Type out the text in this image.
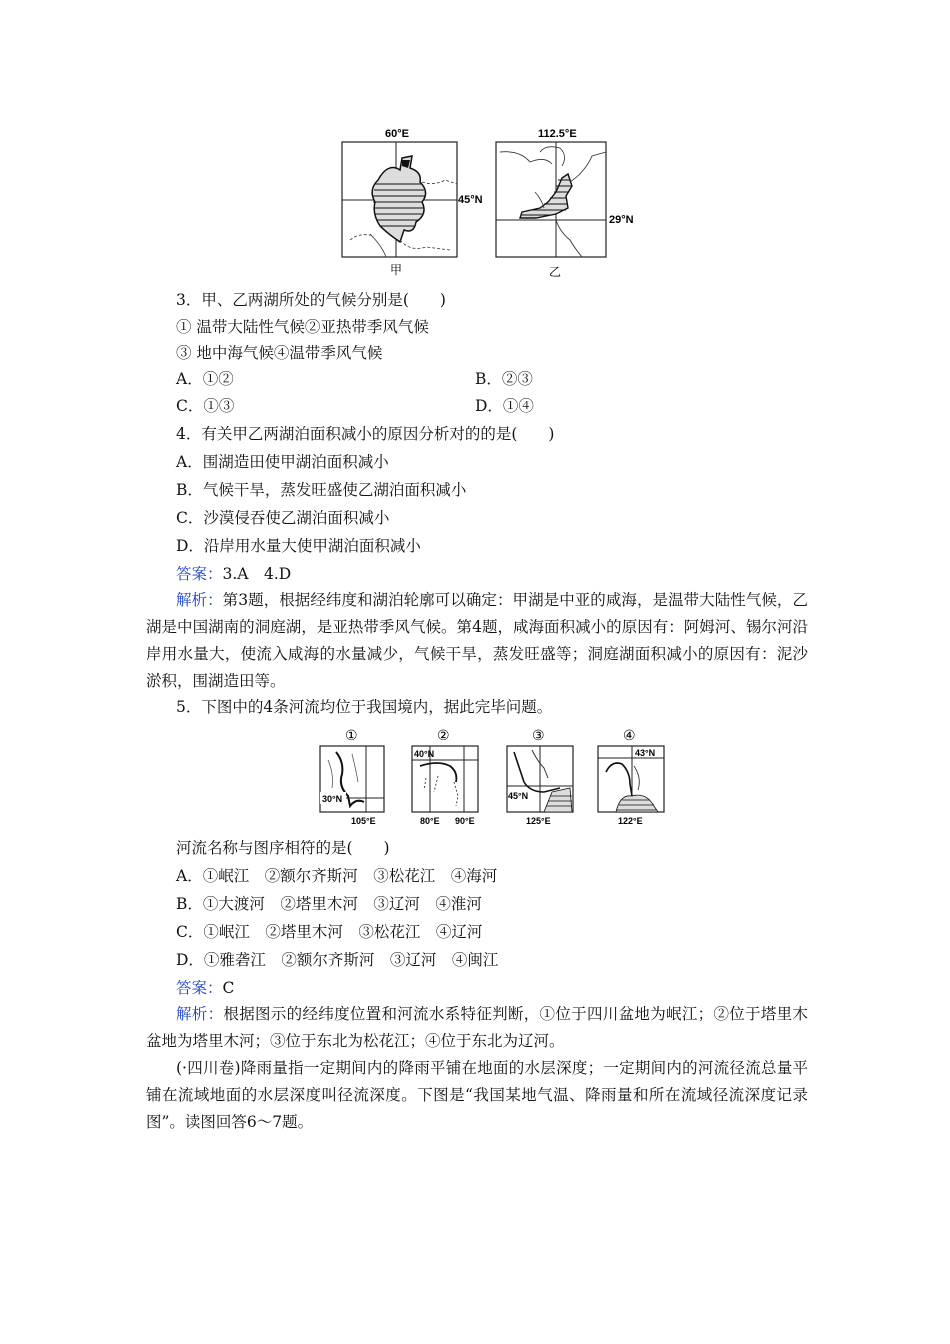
60°E
45°N
甲
112.5°E
29°N
乙
3．甲、乙两湖所处的气候分别是(　　)
① 温带大陆性气候②亚热带季风气候
③ 地中海气候④温带季风气候
A．①②	B．②③
C．①③	D．①④
4．有关甲乙两湖泊面积减小的原因分析对的的是(　　)
A．围湖造田使甲湖泊面积减小
B．气候干旱，蒸发旺盛使乙湖泊面积减小
C．沙漠侵吞使乙湖泊面积减小
D．沿岸用水量大使甲湖泊面积减小
答案：3.A　4.D
解析：第3题，根据经纬度和湖泊轮廓可以确定：甲湖是中亚的咸海，是温带大陆性气候，乙湖是中国湖南的洞庭湖，是亚热带季风气候。第4题，咸海面积减小的原因有：阿姆河、锡尔河沿岸用水量大，使流入咸海的水量减少，气候干旱，蒸发旺盛等；洞庭湖面积减小的原因有：泥沙淤积，围湖造田等。
5．下图中的4条河流均位于我国境内，据此完毕问题。
①
30°N
105°E
②
40°N
80°E 90°E
③
45°N
125°E
④
43°N
122°E
河流名称与图序相符的是(　　)
A．①岷江　②额尔齐斯河　③松花江　④海河
B．①大渡河　②塔里木河　③辽河　④淮河
C．①岷江　②塔里木河　③松花江　④辽河
D．①雅砻江　②额尔齐斯河　③辽河　④闽江
答案：C
解析：根据图示的经纬度位置和河流水系特征判断，①位于四川盆地为岷江；②位于塔里木盆地为塔里木河；③位于东北为松花江；④位于东北为辽河。
(·四川卷)降雨量指一定期间内的降雨平铺在地面的水层深度；一定期间内的河流径流总量平铺在流域地面的水层深度叫径流深度。下图是“我国某地气温、降雨量和所在流域径流深度记录图”。读图回答6～7题。
